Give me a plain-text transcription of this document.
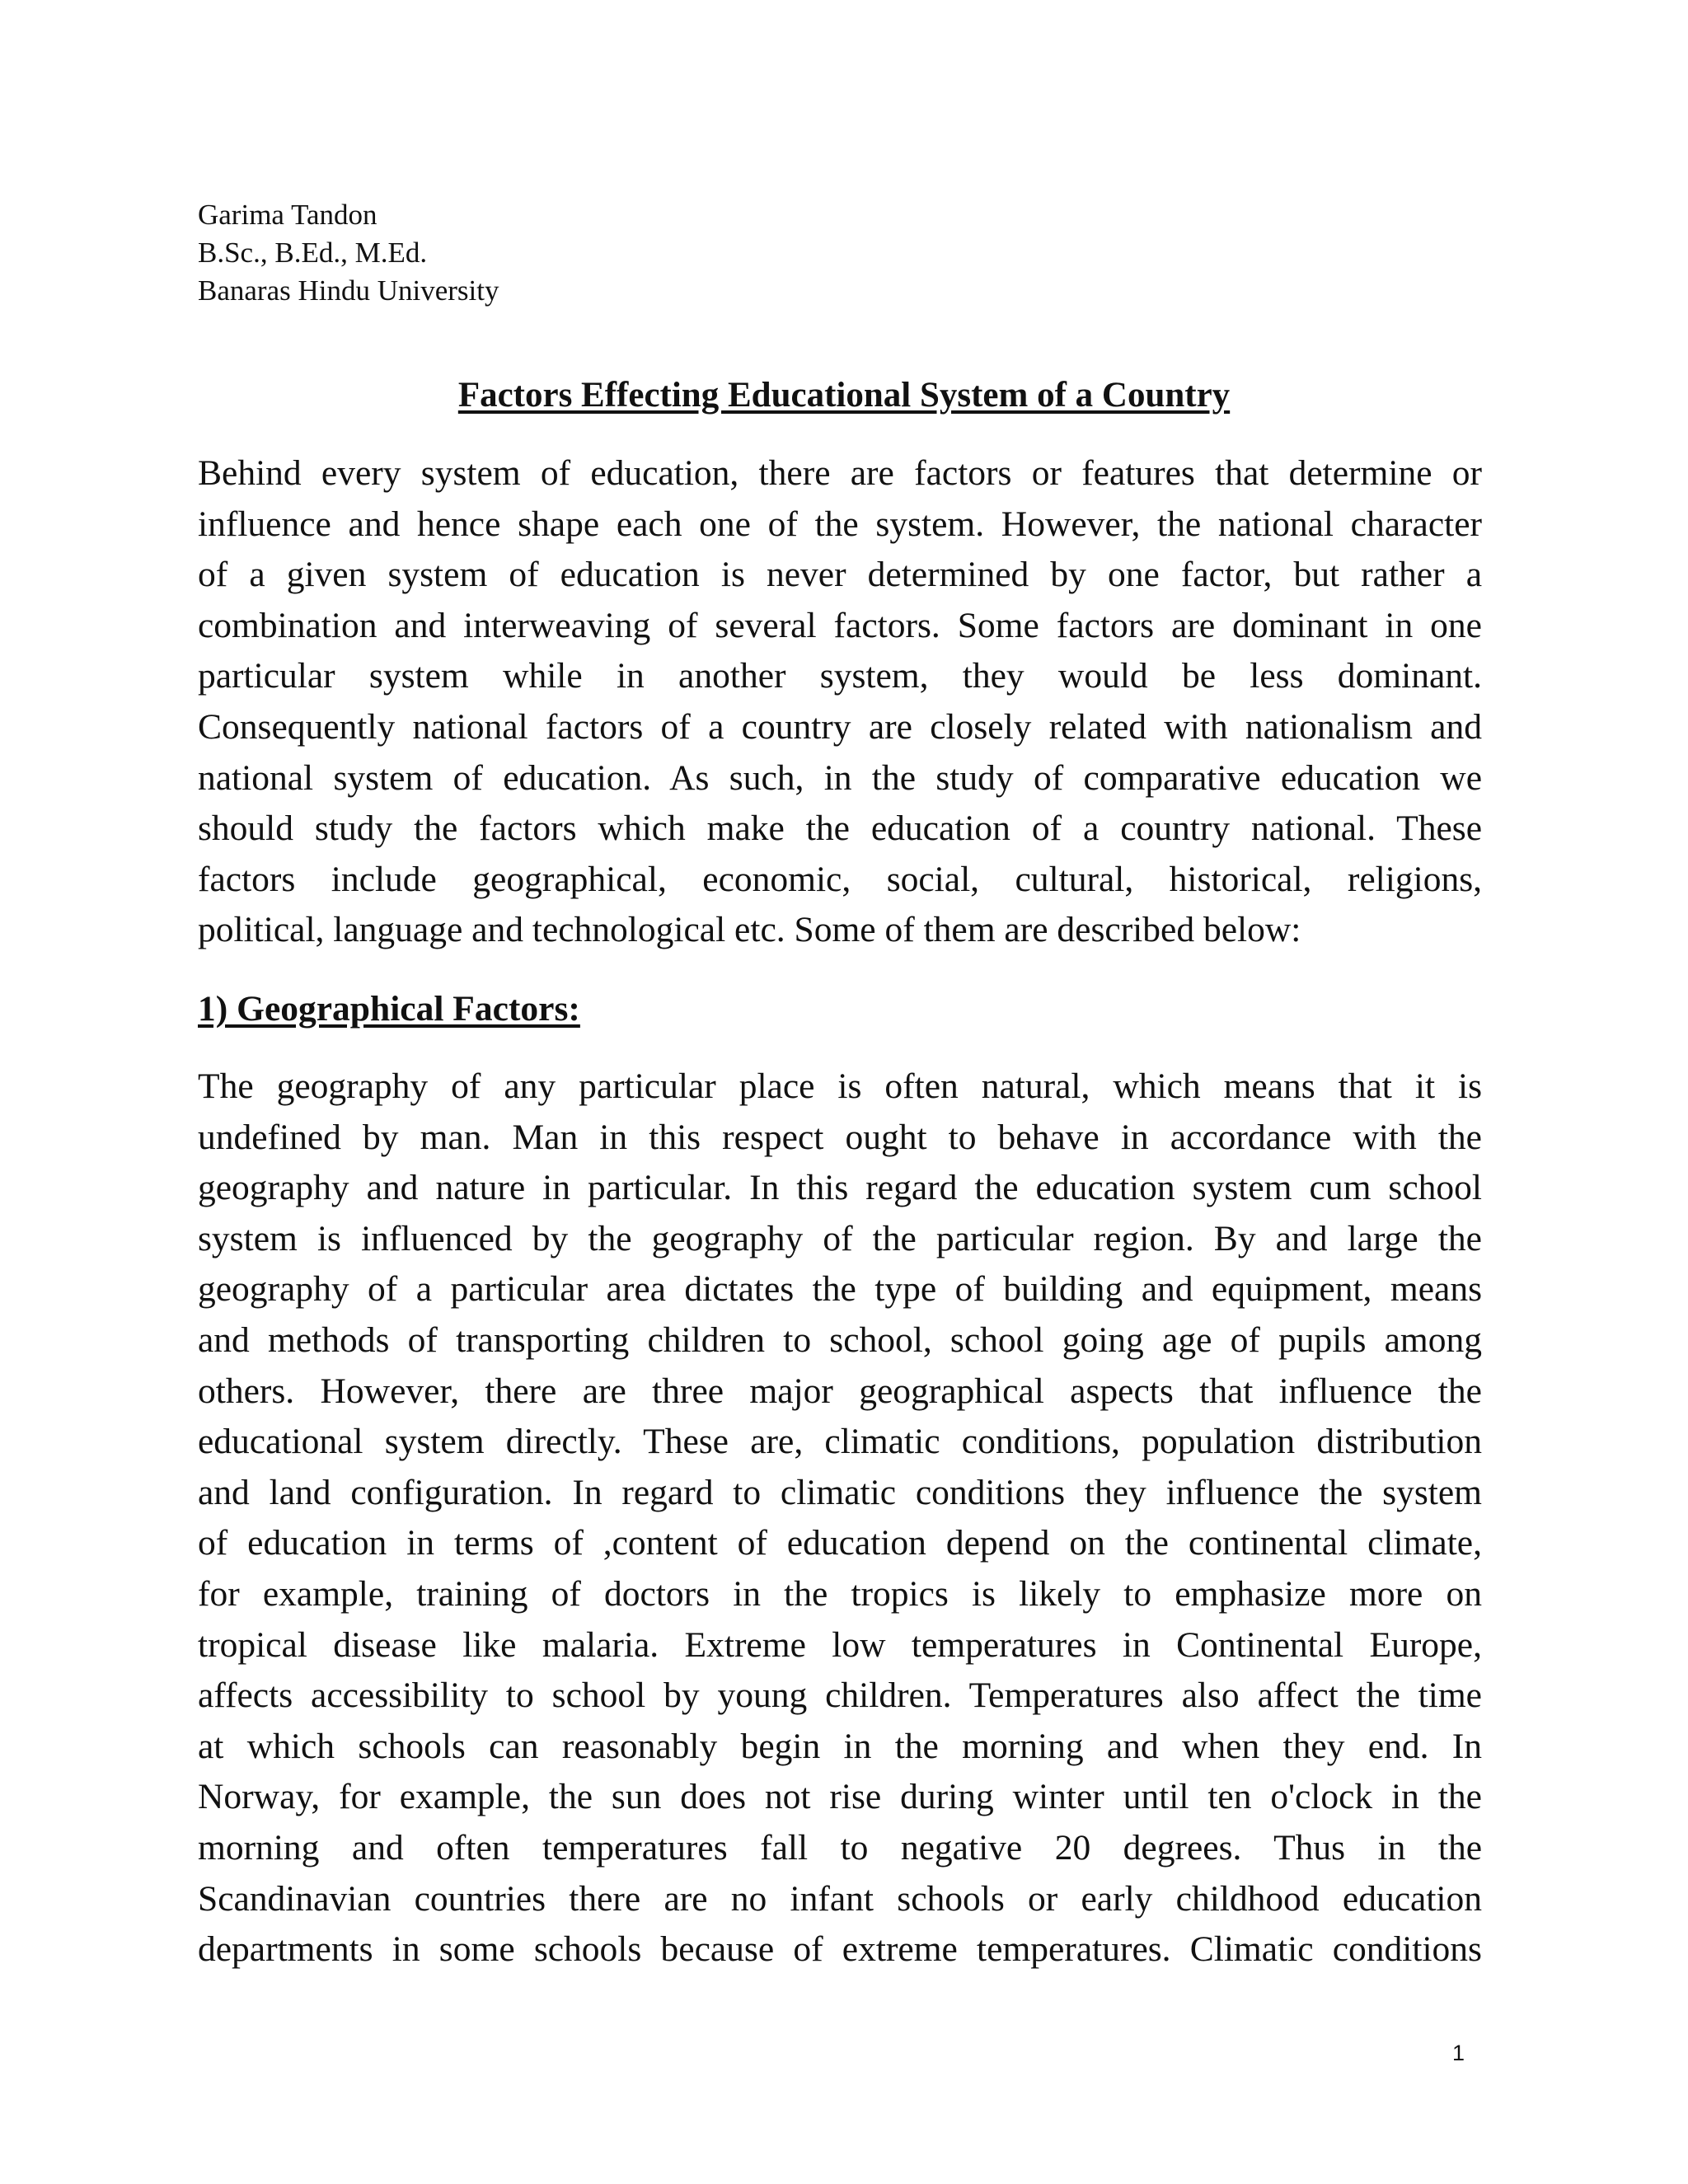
Garima Tandon
B.Sc., B.Ed., M.Ed.
Banaras Hindu University
Factors Effecting Educational System of a Country
Behind every system of education, there are factors or features that determine or
influence and hence shape each one of the system. However, the national character
of a given system of education is never determined by one factor, but rather a
combination and interweaving of several factors. Some factors are dominant in one
particular system while in another system, they would be less dominant.
Consequently national factors of a country are closely related with nationalism and
national system of education. As such, in the study of comparative education we
should study the factors which make the education of a country national. These
factors include geographical, economic, social, cultural, historical, religions,
political, language and technological etc. Some of them are described below:
1) Geographical Factors:
The geography of any particular place is often natural, which means that it is
undefined by man. Man in this respect ought to behave in accordance with the
geography and nature in particular. In this regard the education system cum school
system is influenced by the geography of the particular region. By and large the
geography of a particular area dictates the type of building and equipment, means
and methods of transporting children to school, school going age of pupils among
others. However, there are three major geographical aspects that influence the
educational system directly. These are, climatic conditions, population distribution
and land configuration. In regard to climatic conditions they influence the system
of education in terms of ,content of education depend on the continental climate,
for example, training of doctors in the tropics is likely to emphasize more on
tropical disease like malaria. Extreme low temperatures in Continental Europe,
affects accessibility to school by young children. Temperatures also affect the time
at which schools can reasonably begin in the morning and when they end. In
Norway, for example, the sun does not rise during winter until ten o'clock in the
morning and often temperatures fall to negative 20 degrees. Thus in the
Scandinavian countries there are no infant schools or early childhood education
departments in some schools because of extreme temperatures. Climatic conditions
1
